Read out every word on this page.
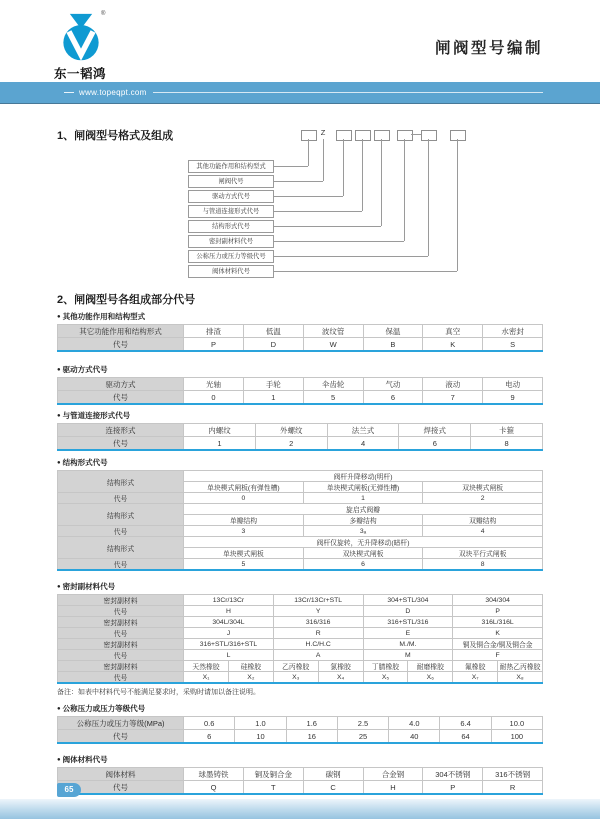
®
东一韬鸿
闸阀型号编制
www.topeqpt.com
1、闸阀型号格式及组成	Z
其他功能作用和结构型式
闸阀代号
驱动方式代号
与管道连接形式代号
结构形式代号
密封副材料代号
公称压力或压力等级代号
阀体材料代号
2、闸阀型号各组成部分代号
● 其他功能作用和结构型式
其它功能作用和结构形式	排渣	低温	波纹管	保温	真空	水密封
代号	P	D	W	B	K	S
● 驱动方式代号
驱动方式	光轴	手轮	伞齿轮	气动	液动	电动
代号	0	1	5	6	7	9
● 与管道连接形式代号
连接形式	内螺纹	外螺纹	法兰式	焊接式	卡箍
代号	1	2	4	6	8
● 结构形式代号
结构形式	阀杆升降移动(明杆)		
	单块楔式闸板(有弹性槽)	单块楔式闸板(无弹性槽)	双块楔式闸板
代号	0	1	2
结构形式	旋启式阀瓣		
	单瓣结构	多瓣结构	双瓣结构
代号	3	3ₐ	4
结构形式	阀杆仅旋转，无升降移动(暗杆)		
	单块楔式闸板	双块楔式闸板	双块平行式闸板
代号	5	6	8
● 密封副材料代号
密封副材料	13Cr/13Cr		13Cr/13Cr+STL		304+STL/304		304/304	
代号	H		Y		D		P	
密封副材料	304L/304L		316/316		316+STL/316		316L/316L	
代号	J		R		E		K	
密封副材料	316+STL/316+STL		H.C/H.C		M./M.		铜及铜合金/铜及铜合金	
代号	L		A		M		F	
密封副材料	天然橡胶	硅橡胶	乙丙橡胶	氯橡胶	丁腈橡胶	耐磨橡胶	氟橡胶	耐热乙丙橡胶
代号	X₁	X₂	X₃	X₄	X₅	X₆	X₇	X₈

备注：如表中材料代号不能满足要求时，采购时请加以备注说明。

● 公称压力或压力等级代号
公称压力或压力等级(MPa)	0.6	1.0	1.6	2.5	4.0	6.4	10.0
代号	6	10	16	25	40	64	100
● 阀体材料代号
阀体材料	球墨铸铁	铜及铜合金	碳钢	合金钢	304不锈钢	316不锈钢
代号	Q	T	C	H	P	R

65
